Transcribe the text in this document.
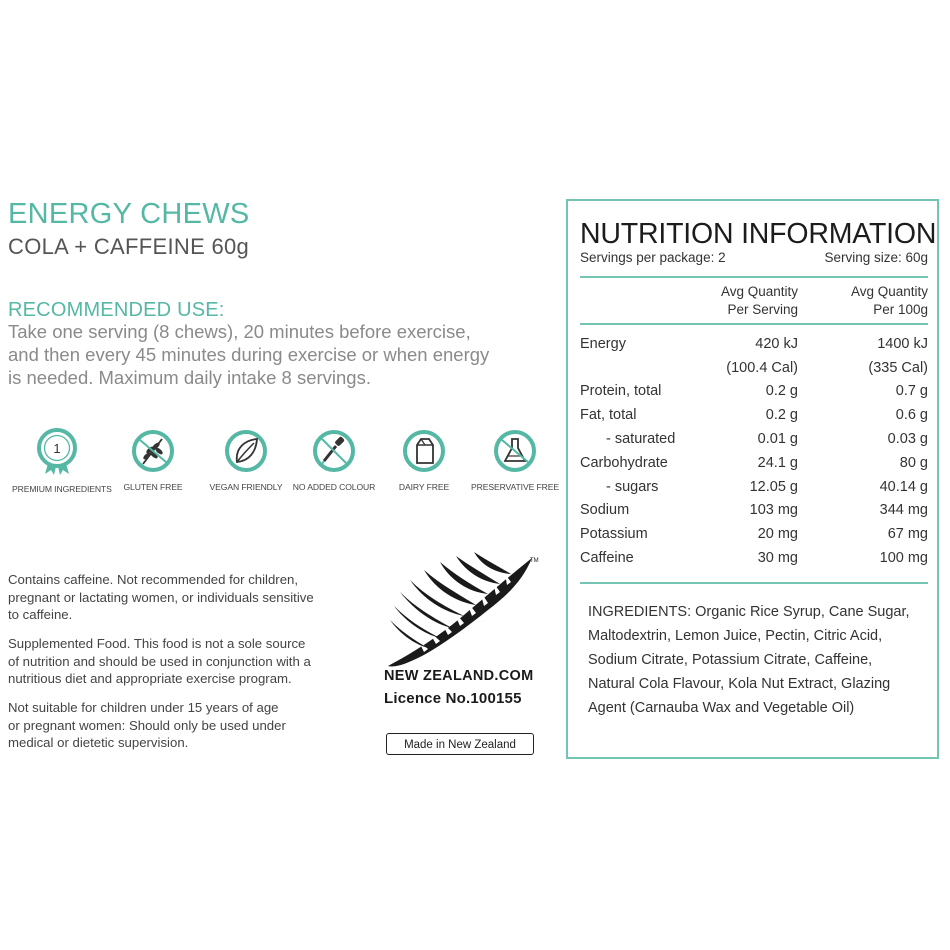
ENERGY CHEWS
COLA + CAFFEINE 60g
RECOMMENDED USE:
Take one serving (8 chews), 20 minutes before exercise,
and then every 45 minutes during exercise or when energy
is needed. Maximum daily intake 8 servings.
1
PREMIUM INGREDIENTS	GLUTEN FREE	VEGAN FRIENDLY	NO ADDED COLOUR	DAIRY FREE	PRESERVATIVE FREE
Contains caffeine. Not recommended for children,
pregnant or lactating women, or individuals sensitive
to caffeine.
Supplemented Food. This food is not a sole source
of nutrition and should be used in conjunction with a
nutritious diet and appropriate exercise program.
Not suitable for children under 15 years of age
or pregnant women: Should only be used under
medical or dietetic supervision.
TM
NEW ZEALAND.COM
Licence No.100155
Made in New Zealand
NUTRITION INFORMATION
Servings per package: 2	Serving size: 60g
Avg Quantity
Per Serving
Avg Quantity
Per 100g
Energy	420 kJ	1400 kJ
(100.4 Cal)	(335 Cal)
Protein, total	0.2 g	0.7 g
Fat, total	0.2 g	0.6 g
- saturated	0.01 g	0.03 g
Carbohydrate	24.1 g	80 g
- sugars	12.05 g	40.14 g
Sodium	103 mg	344 mg
Potassium	20 mg	67 mg
Caffeine	30 mg	100 mg
INGREDIENTS: Organic Rice Syrup, Cane Sugar,
Maltodextrin, Lemon Juice, Pectin, Citric Acid,
Sodium Citrate, Potassium Citrate, Caffeine,
Natural Cola Flavour, Kola Nut Extract, Glazing
Agent (Carnauba Wax and Vegetable Oil)
